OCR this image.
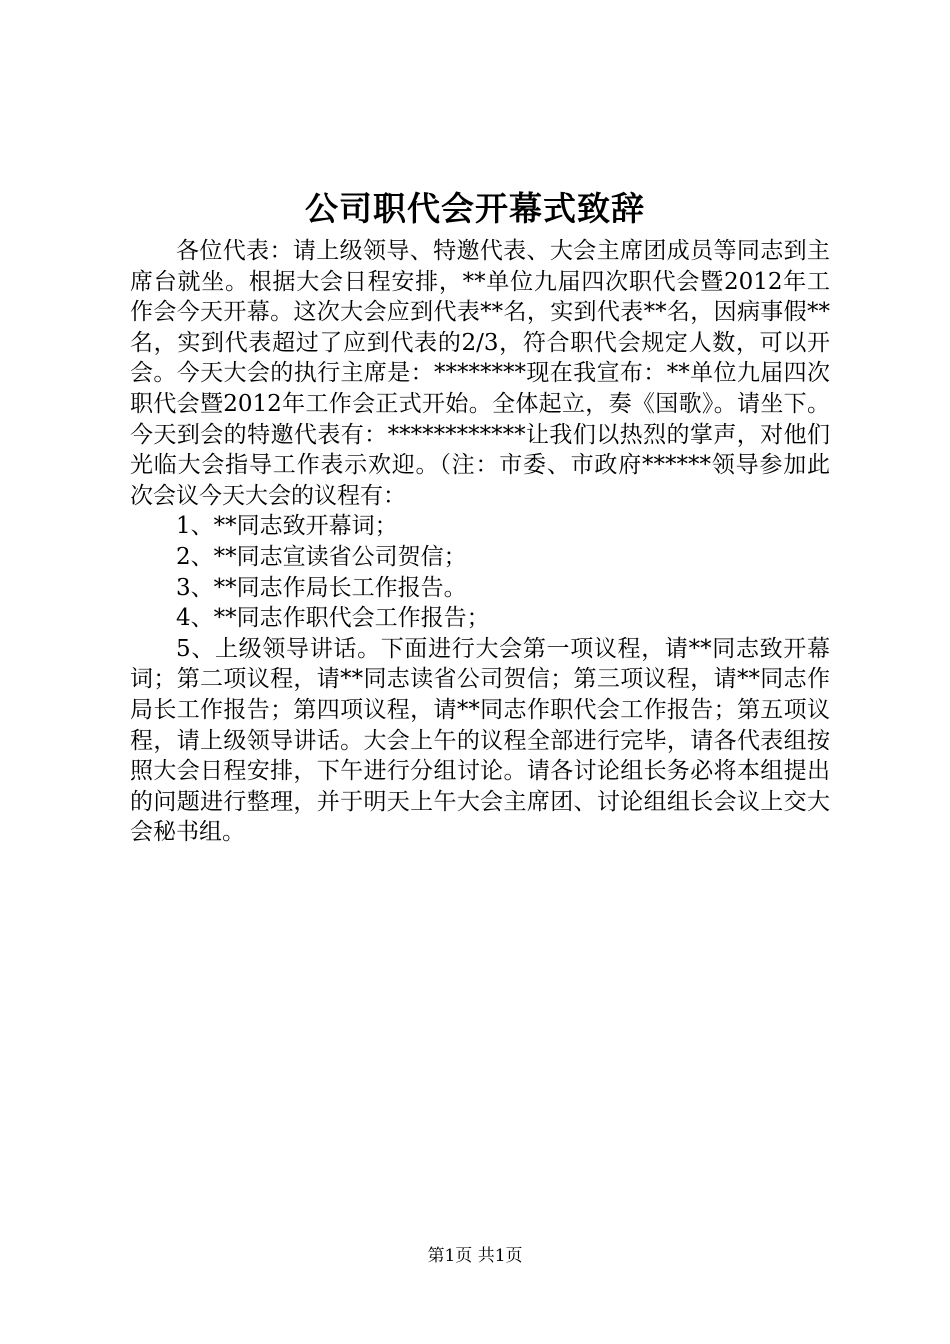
公司职代会开幕式致辞

各位代表：请上级领导、特邀代表、大会主席团成员等同志到主席台就坐。根据大会日程安排，**单位九届四次职代会暨2012年工作会今天开幕。这次大会应到代表**名，实到代表**名，因病事假**名，实到代表超过了应到代表的2/3，符合职代会规定人数，可以开会。今天大会的执行主席是：********现在我宣布：**单位九届四次职代会暨2012年工作会正式开始。全体起立，奏《国歌》。请坐下。今天到会的特邀代表有：************让我们以热烈的掌声，对他们光临大会指导工作表示欢迎。（注：市委、市政府******领导参加此次会议今天大会的议程有：

1、**同志致开幕词；

2、**同志宣读省公司贺信；

3、**同志作局长工作报告。

4、**同志作职代会工作报告；

5、上级领导讲话。下面进行大会第一项议程，请**同志致开幕词；第二项议程，请**同志读省公司贺信；第三项议程，请**同志作局长工作报告；第四项议程，请**同志作职代会工作报告；第五项议程，请上级领导讲话。大会上午的议程全部进行完毕，请各代表组按照大会日程安排，下午进行分组讨论。请各讨论组长务必将本组提出的问题进行整理，并于明天上午大会主席团、讨论组组长会议上交大会秘书组。

第1页 共1页
